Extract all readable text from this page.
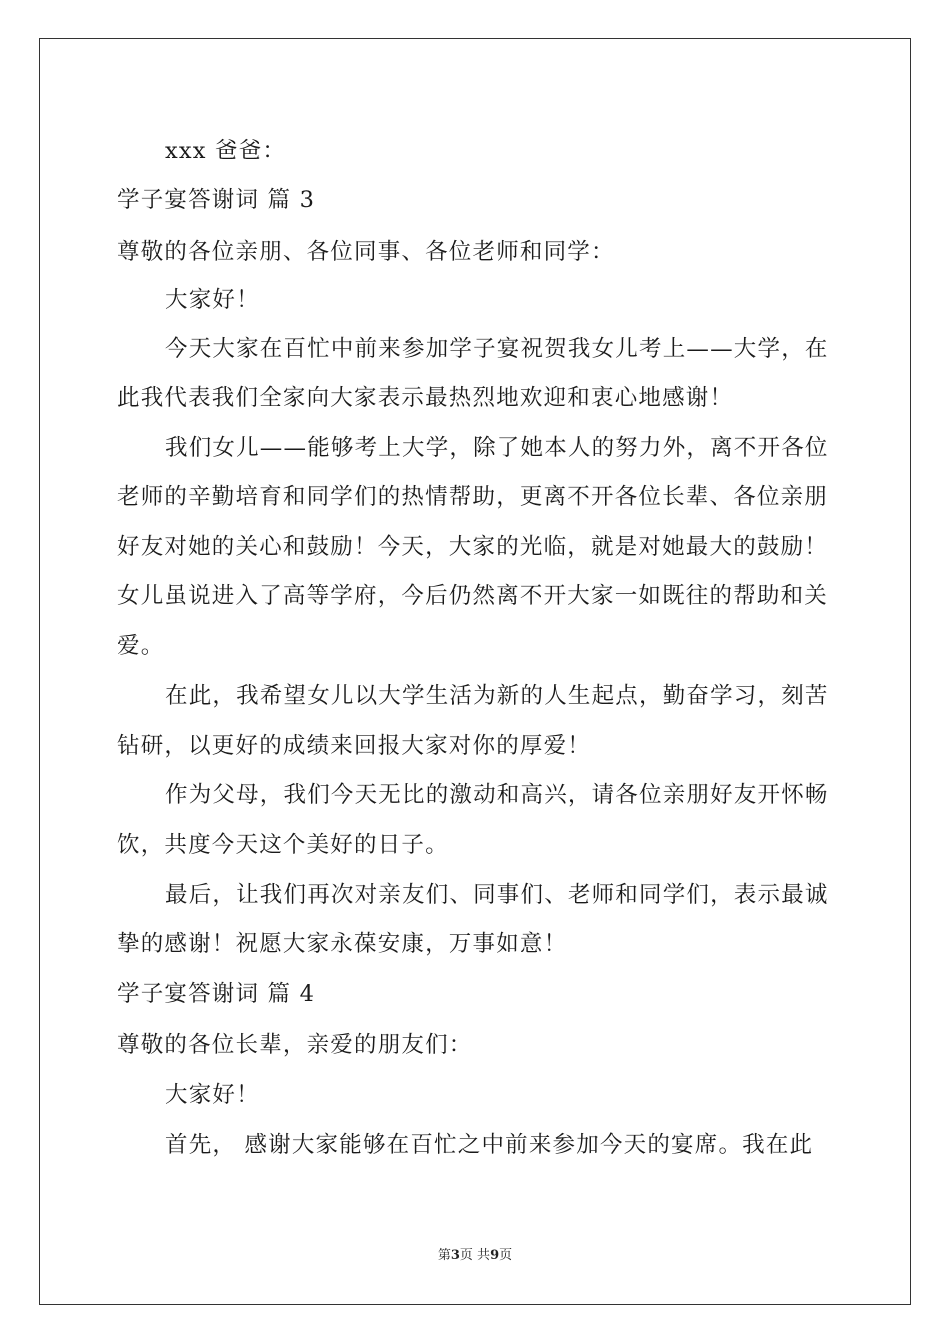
xxx 爸爸：
学子宴答谢词 篇 3
尊敬的各位亲朋、各位同事、各位老师和同学：
大家好！
今天大家在百忙中前来参加学子宴祝贺我女儿考上——大学，在
此我代表我们全家向大家表示最热烈地欢迎和衷心地感谢！
我们女儿——能够考上大学，除了她本人的努力外，离不开各位
老师的辛勤培育和同学们的热情帮助，更离不开各位长辈、各位亲朋
好友对她的关心和鼓励！今天，大家的光临，就是对她最大的鼓励！
女儿虽说进入了高等学府，今后仍然离不开大家一如既往的帮助和关
爱。
在此，我希望女儿以大学生活为新的人生起点，勤奋学习，刻苦
钻研，以更好的成绩来回报大家对你的厚爱！
作为父母，我们今天无比的激动和高兴，请各位亲朋好友开怀畅
饮，共度今天这个美好的日子。
最后，让我们再次对亲友们、同事们、老师和同学们，表示最诚
挚的感谢！祝愿大家永葆安康，万事如意！
学子宴答谢词 篇 4
尊敬的各位长辈，亲爱的朋友们：
大家好！
首先， 感谢大家能够在百忙之中前来参加今天的宴席。我在此
第3页 共9页
